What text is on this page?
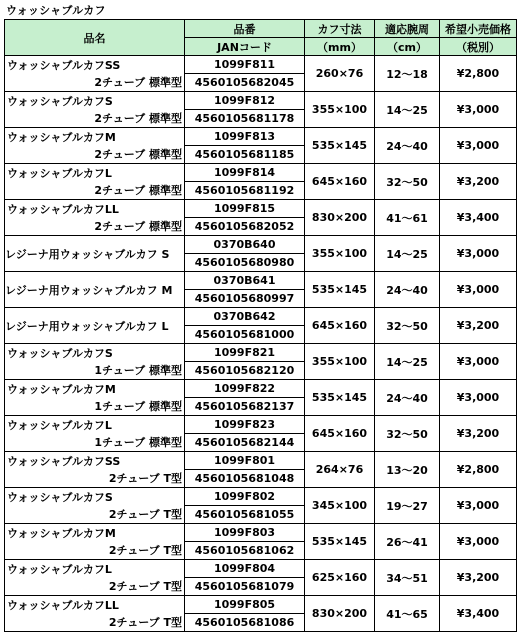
ウォッシャブルカフ
品名	品番	カフ寸法	適応腕周	希望小売価格
	JANコード	（mm）	（cm）	（税別）

ウォッシャブルカフSS
2チューブ 標準型	1099F811	260×76	12～18	¥2,800
	4560105682045			

ウォッシャブルカフS
2チューブ 標準型	1099F812	355×100	14～25	¥3,000
	4560105681178			

ウォッシャブルカフM
2チューブ 標準型	1099F813	535×145	24～40	¥3,000
	4560105681185			

ウォッシャブルカフL
2チューブ 標準型	1099F814	645×160	32～50	¥3,200
	4560105681192			

ウォッシャブルカフLL
2チューブ 標準型	1099F815	830×200	41～61	¥3,400
	4560105682052			
レジーナ用ウォッシャブルカフ S	0370B640	355×100	14～25	¥3,000
	4560105680980			
レジーナ用ウォッシャブルカフ M	0370B641	535×145	24～40	¥3,000
	4560105680997			
レジーナ用ウォッシャブルカフ L	0370B642	645×160	32～50	¥3,200
	4560105681000			

ウォッシャブルカフS
1チューブ 標準型	1099F821	355×100	14～25	¥3,000
	4560105682120			

ウォッシャブルカフM
1チューブ 標準型	1099F822	535×145	24～40	¥3,000
	4560105682137			

ウォッシャブルカフL
1チューブ 標準型	1099F823	645×160	32～50	¥3,200
	4560105682144			

ウォッシャブルカフSS
2チューブ T型	1099F801	264×76	13～20	¥2,800
	4560105681048			

ウォッシャブルカフS
2チューブ T型	1099F802	345×100	19～27	¥3,000
	4560105681055			

ウォッシャブルカフM
2チューブ T型	1099F803	535×145	26～41	¥3,000
	4560105681062			

ウォッシャブルカフL
2チューブ T型	1099F804	625×160	34～51	¥3,200
	4560105681079			

ウォッシャブルカフLL
2チューブ T型	1099F805	830×200	41～65	¥3,400
	4560105681086			
